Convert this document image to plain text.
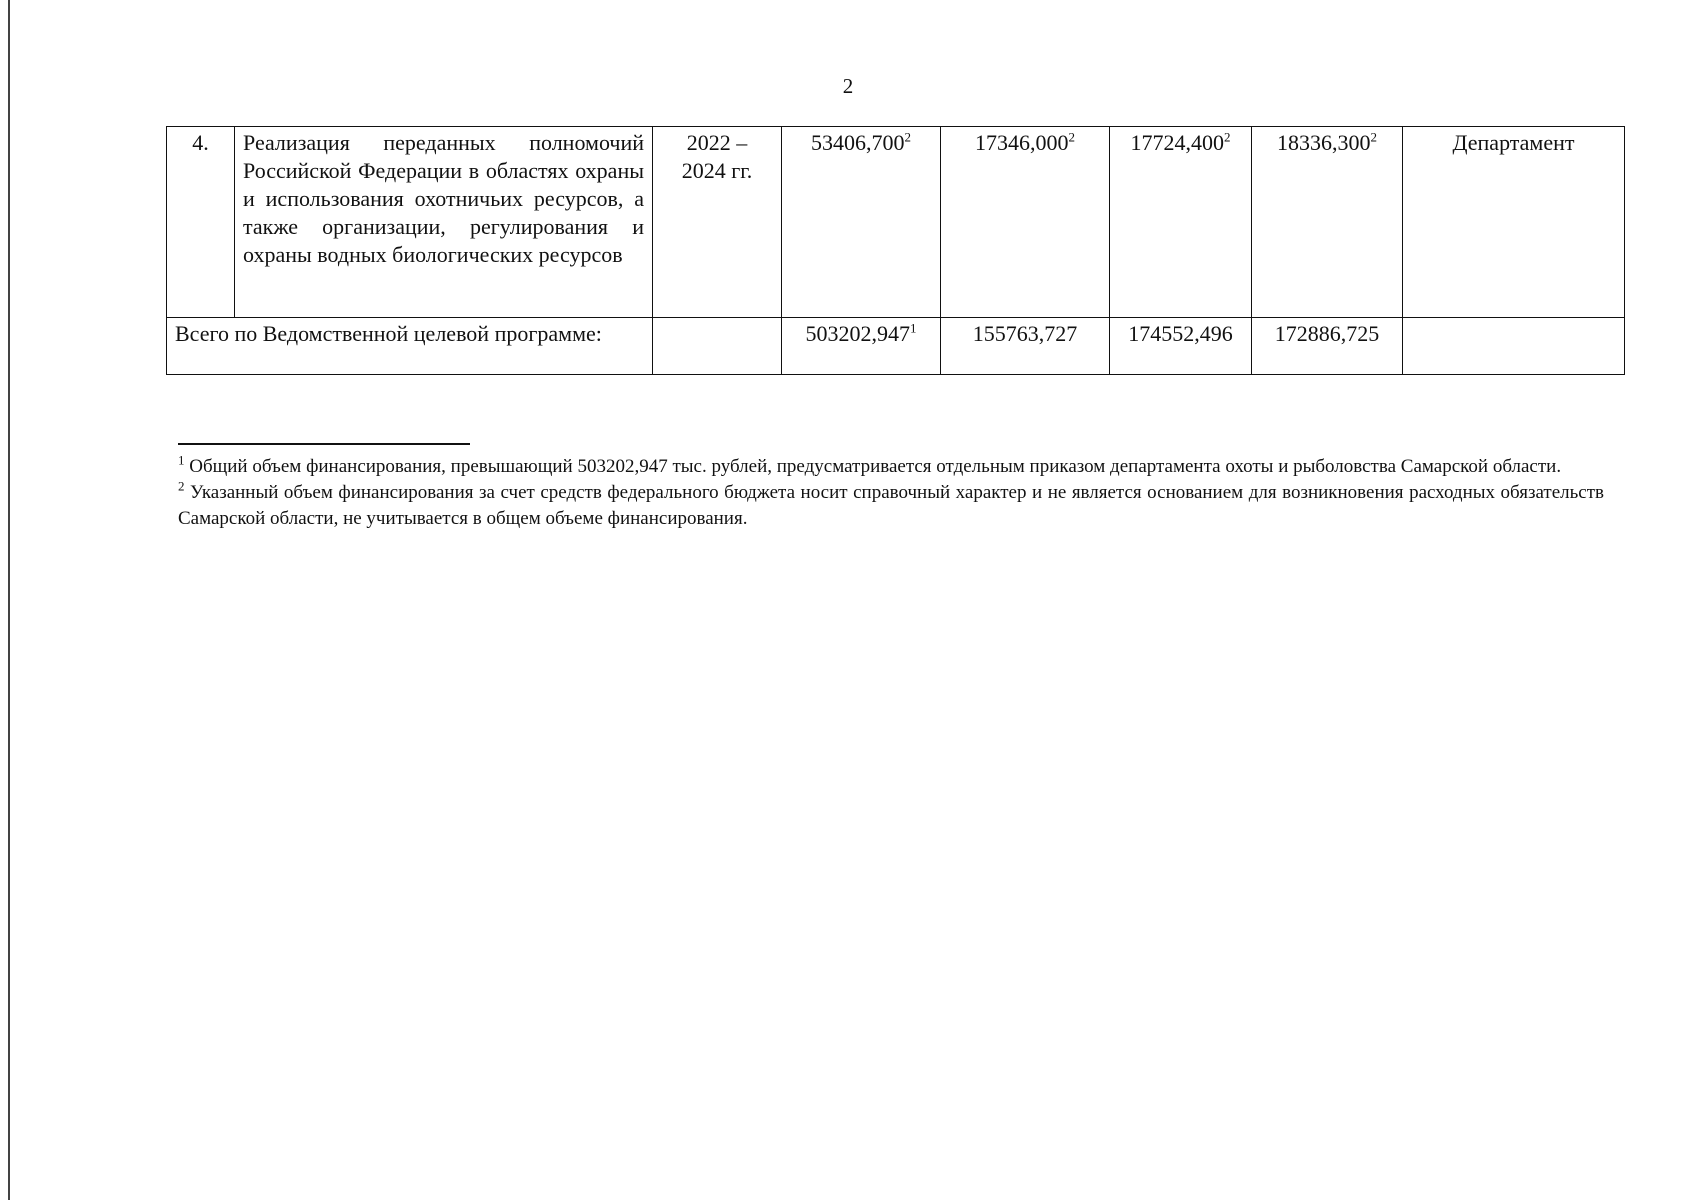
2
4.	Реализация переданных полномочий Российской Федерации в областях охраны и использования охотничьих ресурсов, а также организации, регулирования и охраны водных биологических ресурсов	2022 –
2024 гг.	53406,700$^2$	17346,000$^2$	17724,400$^2$	18336,300$^2$	Департамент
Всего по Ведомственной целевой программе:			503202,947$^1$	155763,727	174552,496	172886,725	

$^1$ Общий объем финансирования, превышающий 503202,947 тыс. рублей, предусматривается отдельным приказом департамента охоты и рыболовства Самарской области.

$^2$ Указанный объем финансирования за счет средств федерального бюджета носит справочный характер и не является основанием для возникновения расходных обязательств Самарской области, не учитывается в общем объеме финансирования.
